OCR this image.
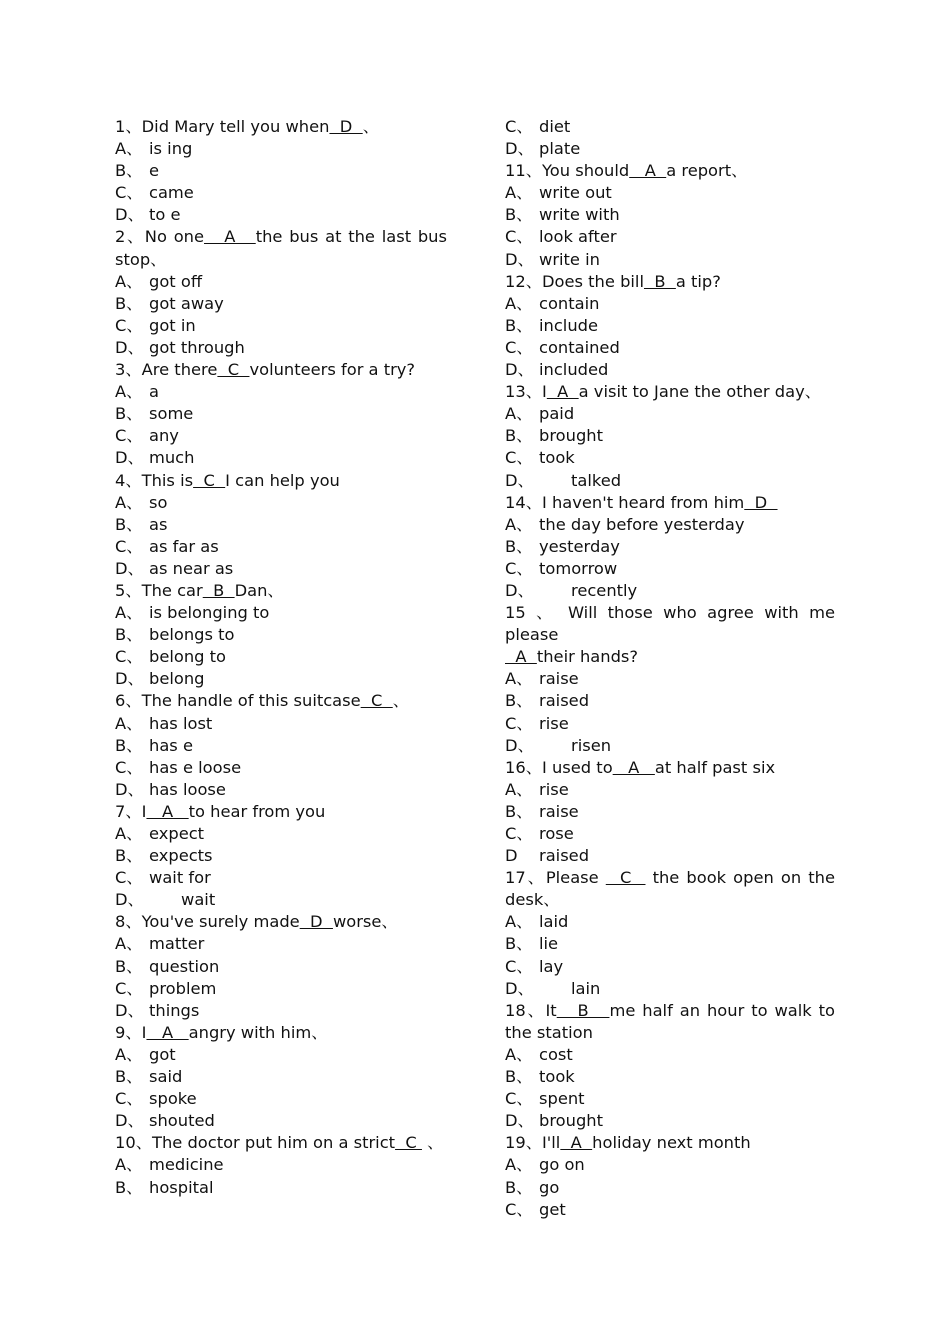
1、Did Mary tell you when  D  、
A、 is ing
B、 e
C、 came
D、 to e
2、No one   A   the bus at the last bus stop、
A、 got off
B、 got away
C、 got in
D、 got through
3、Are there  C  volunteers for a try?
A、 a
B、 some
C、 any
D、 much
4、This is  C  I can help you
A、 so
B、 as
C、 as far as
D、 as near as
5、The car  B  Dan、
A、 is belonging to
B、 belongs to
C、 belong to
D、 belong
6、The handle of this suitcase  C  、
A、 has lost
B、 has e
C、 has e loose
D、 has loose
7、I   A   to hear from you
A、 expect
B、 expects
C、 wait for
D、 wait
8、You've surely made  D  worse、
A、 matter
B、 question
C、 problem
D、 things
9、I   A   angry with him、
A、 got
B、 said
C、 spoke
D、 shouted
10、The doctor put him on a strict  C  、
A、 medicine
B、 hospital
C、 diet
D、 plate
11、You should   A  a report、
A、 write out
B、 write with
C、 look after
D、 write in
12、Does the bill  B  a tip?
A、 contain
B、 include
C、 contained
D、 included
13、I  A  a visit to Jane the other day、
A、 paid
B、 brought
C、 took
D、 talked
14、I haven't heard from him  D
A、 the day before yesterday
B、 yesterday
C、 tomorrow
D、 recently
15 、 Will those who agree with me please
A  their hands?
A、 raise
B、 raised
C、 rise
D、 risen
16、I used to   A   at half past six
A、 rise
B、 raise
C、 rose
D raised
17、Please   C   the book open on the desk、
A、 laid
B、 lie
C、 lay
D、 lain
18、It   B   me half an hour to walk to the station
A、 cost
B、 took
C、 spent
D、 brought
19、I'll  A  holiday next month
A、 go on
B、 go
C、 get
